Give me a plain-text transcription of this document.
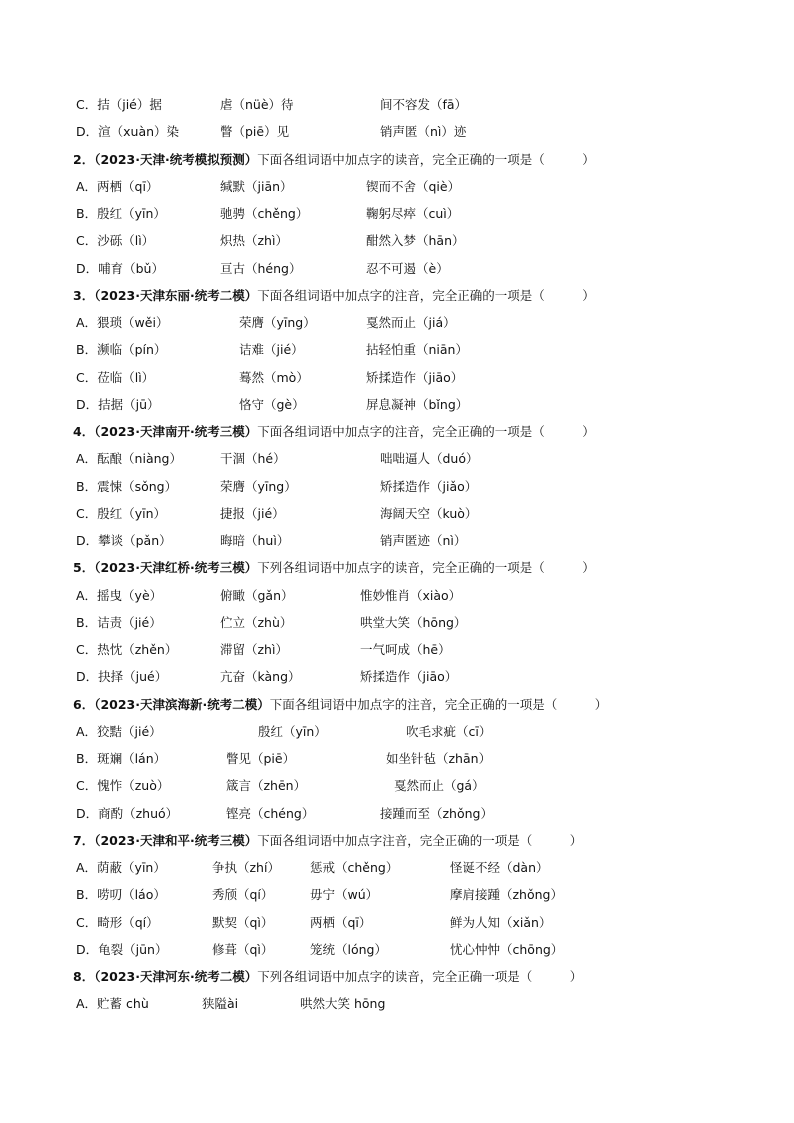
C．拮（jié）据	虐（nüè）待	间不容发（fā）
D．渲（xuàn）染	瞥（piē）见	销声匿（nì）迹
2．（2023·天津·统考模拟预测）下面各组词语中加点字的读音，完全正确的一项是（　　　）
A．两栖（qī）	缄默（jiān）	锲而不舍（qiè）
B．殷红（yīn）	驰骋（chěng）	鞠躬尽瘁（cuì）
C．沙砾（lì）	炽热（zhì）	酣然入梦（hān）
D．哺育（bǔ）	亘古（héng）	忍不可遏（è）
3．（2023·天津东丽·统考二模）下面各组词语中加点字的注音，完全正确的一项是（　　　）
A．猥琐（wěi）	荣膺（yīng）	戛然而止（jiá）
B．濒临（pín）	诘难（jié）	拈轻怕重（niān）
C．莅临（lì）	蓦然（mò）	矫揉造作（jiāo）
D．拮据（jū）	恪守（gè）	屏息凝神（bǐng）
4．（2023·天津南开·统考三模）下面各组词语中加点字的注音，完全正确的一项是（　　　）
A．酝酿（niàng）	干涸（hé）	咄咄逼人（duó）
B．震悚（sǒng）	荣膺（yīng）	矫揉造作（jiǎo）
C．殷红（yīn）	捷报（jié）	海阔天空（kuò）
D．攀谈（pǎn）	晦暗（huì）	销声匿迹（nì）
5．（2023·天津红桥·统考三模）下列各组词语中加点字的读音，完全正确的一项是（　　　）
A．摇曳（yè）	俯瞰（gǎn）	惟妙惟肖（xiào）
B．诘责（jié）	伫立（zhù）	哄堂大笑（hōng）
C．热忱（zhěn）	滞留（zhì）	一气呵成（hē）
D．抉择（jué）	亢奋（kàng）	矫揉造作（jiāo）
6．（2023·天津滨海新·统考二模）下面各组词语中加点字的注音，完全正确的一项是（　　　）
A．狡黠（jié）	殷红（yīn）	吹毛求疵（cī）
B．斑斓（lán）	瞥见（piē）	如坐针毡（zhān）
C．愧怍（zuò）	箴言（zhēn）	戛然而止（gá）
D．商酌（zhuó）	铿亮（chéng）	接踵而至（zhǒng）
7．（2023·天津和平·统考三模）下面各组词语中加点字注音，完全正确的一项是（　　　）
A．荫蔽（yīn）	争执（zhí） 惩戒（chěng）	怪诞不经（dàn）
B．唠叨（láo）	秀颀（qí）	毋宁（wú）	摩肩接踵（zhǒng）
C．畸形（qí）	默契（qì）	两栖（qī）	鲜为人知（xiǎn）
D．龟裂（jūn）	修葺（qì）	笼统（lóng）	忧心忡忡（chōng）
8．（2023·天津河东·统考二模）下列各组词语中加点字的读音，完全正确一项是（　　　）
A．贮蓄 chù	狭隘ài	哄然大笑 hōng
